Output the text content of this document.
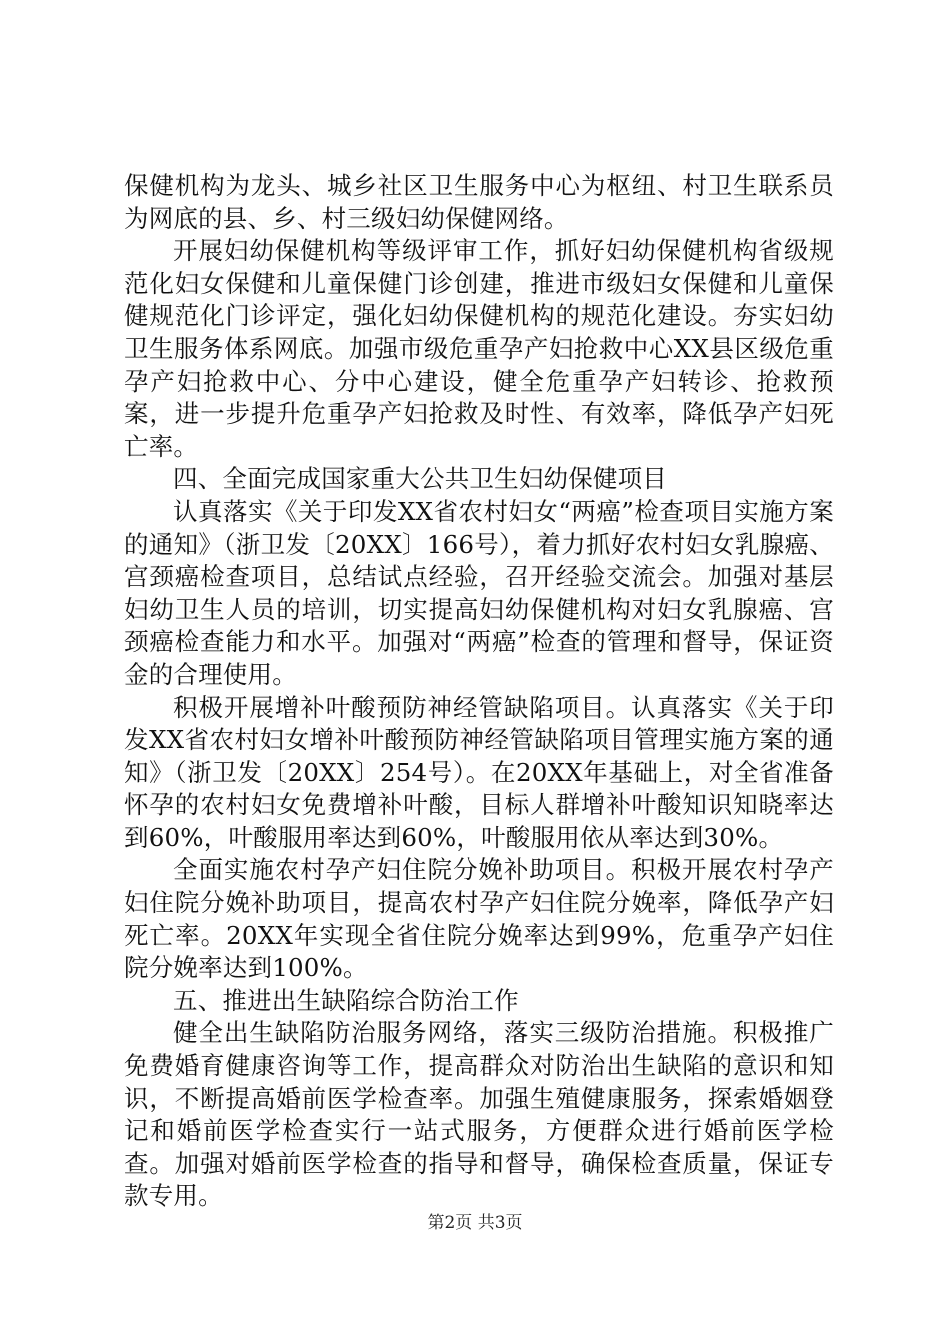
保健机构为龙头、城乡社区卫生服务中心为枢纽、村卫生联系员为网底的县、乡、村三级妇幼保健网络。

开展妇幼保健机构等级评审工作，抓好妇幼保健机构省级规范化妇女保健和儿童保健门诊创建，推进市级妇女保健和儿童保健规范化门诊评定，强化妇幼保健机构的规范化建设。夯实妇幼卫生服务体系网底。加强市级危重孕产妇抢救中心XX县区级危重孕产妇抢救中心、分中心建设，健全危重孕产妇转诊、抢救预案，进一步提升危重孕产妇抢救及时性、有效率，降低孕产妇死亡率。

四、全面完成国家重大公共卫生妇幼保健项目

认真落实《关于印发XX省农村妇女“两癌”检查项目实施方案的通知》（浙卫发〔20XX〕166号），着力抓好农村妇女乳腺癌、宫颈癌检查项目，总结试点经验，召开经验交流会。加强对基层妇幼卫生人员的培训，切实提高妇幼保健机构对妇女乳腺癌、宫颈癌检查能力和水平。加强对“两癌”检查的管理和督导，保证资金的合理使用。

积极开展增补叶酸预防神经管缺陷项目。认真落实《关于印发XX省农村妇女增补叶酸预防神经管缺陷项目管理实施方案的通知》（浙卫发〔20XX〕254号）。在20XX年基础上，对全省准备怀孕的农村妇女免费增补叶酸，目标人群增补叶酸知识知晓率达到60%，叶酸服用率达到60%，叶酸服用依从率达到30%。

全面实施农村孕产妇住院分娩补助项目。积极开展农村孕产妇住院分娩补助项目，提高农村孕产妇住院分娩率，降低孕产妇死亡率。20XX年实现全省住院分娩率达到99%，危重孕产妇住院分娩率达到100%。

五、推进出生缺陷综合防治工作

健全出生缺陷防治服务网络，落实三级防治措施。积极推广免费婚育健康咨询等工作，提高群众对防治出生缺陷的意识和知识，不断提高婚前医学检查率。加强生殖健康服务，探索婚姻登记和婚前医学检查实行一站式服务，方便群众进行婚前医学检查。加强对婚前医学检查的指导和督导，确保检查质量，保证专款专用。

第2页 共3页
